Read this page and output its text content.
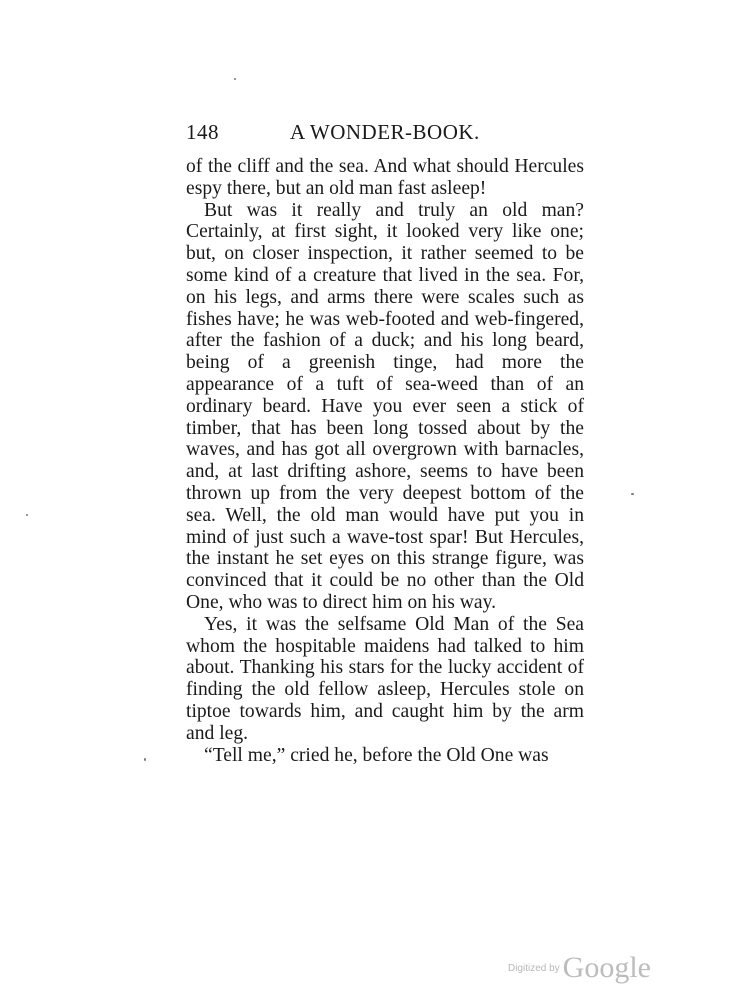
148	A WONDER-BOOK.

of the cliff and the sea. And what should Hercules espy there, but an old man fast asleep!

But was it really and truly an old man? Certainly, at first sight, it looked very like one; but, on closer inspection, it rather seemed to be some kind of a creature that lived in the sea. For, on his legs, and arms there were scales such as fishes have; he was web-footed and web-fingered, after the fashion of a duck; and his long beard, being of a greenish tinge, had more the appearance of a tuft of sea-weed than of an ordinary beard. Have you ever seen a stick of timber, that has been long tossed about by the waves, and has got all overgrown with barnacles, and, at last drifting ashore, seems to have been thrown up from the very deepest bottom of the sea. Well, the old man would have put you in mind of just such a wave-tost spar! But Hercules, the instant he set eyes on this strange figure, was convinced that it could be no other than the Old One, who was to direct him on his way.

Yes, it was the selfsame Old Man of the Sea whom the hospitable maidens had talked to him about. Thanking his stars for the lucky accident of finding the old fellow asleep, Hercules stole on tiptoe towards him, and caught him by the arm and leg.

“Tell me,” cried he, before the Old One was

$^{Digitized by}$ Google
